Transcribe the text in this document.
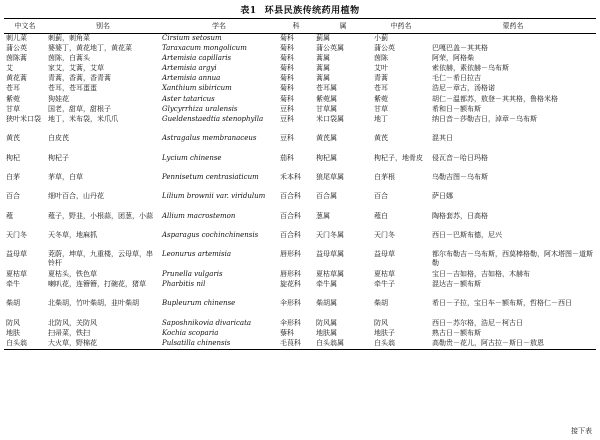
表1 环县民族传统药用植物
中文名	别名	学名	科	属	中药名	蒙药名
刺儿菜	刺蓟，刺角菜	Cirsium setosum	菊科	蓟属	小蓟	
蒲公英	婆婆丁，黄花地丁，黄花菜	Taraxacum mongolicum	菊科	蒲公英属	蒲公英	巴嘎巴盖－其其格
茵陈蒿	茵陈，白蒿头	Artemisia capillaris	菊科	蒿属	茵陈	阿荣，阿格柴
艾	家艾，艾蒿，艾草	Artemisia argyi	菊科	蒿属	艾叶	索依赫，素依赫－乌布斯
黄花蒿	青蒿，香蒿，香青蒿	Artemisia annua	菊科	蒿属	青蒿	毛仁－希日拉吉
苍耳	苍耳，苍耳蛋蛋	Xanthium sibiricum	菊科	苍耳属	苍耳	浩尼－章古，汤格诺
紫菀	狗娃花	Aster tataricus	菊科	紫菀属	紫菀	胡仁－温都苏，敖登－其其格，鲁格米格
甘草	国老，甜草，甜根子	Glycyrrhiza uralensis	豆科	甘草属	甘草	希和日－额布斯
狭叶米口袋	地丁，米布袋，米爪爪	Gueldenstaedtia stenophylla	豆科	米口袋属	地丁	纳日音－莎勒吉日，淖章－乌布斯
黄芪	白皮芪	Astragalus membranaceus	豆科	黄芪属	黄芪	混其日
枸杞	枸杞子	Lycium chinense	茄科	枸杞属	枸杞子，地骨皮	侵瓦音－哈日玛格
白茅	茅草，白草	Pennisetum centrasiaticum	禾本科	狼尾草属	白茅根	乌勒吉图－乌布斯
百合	细叶百合，山丹花	Lilium brownii var. viridulum	百合科	百合属	百合	萨日娜
薤	薤子，野韭，小根蒜，团葱，小蒜	Allium macrostemon	百合科	葱属	薤白	陶格套苏，日高格
天门冬	天冬草，地麻抓	Asparagus cochinchinensis	百合科	天门冬属	天门冬	西日－巴斯布德，尼兴
益母草	茺蔚，坤草，九重楼，云母草，串铃杆	Leonurus artemisia	唇形科	益母草属	益母草	都尔布勒吉－乌布斯，西莫棒格勒，阿木塔图－道斯勒
夏枯草	夏枯头，铁色草	Prunella vulgaris	唇形科	夏枯草属	夏枯草	宝日－吉如格，吉如格，木赫布
牵牛	喇叭花，连簪簪，打碗花，猪草	Pharbitis nil	旋花科	牵牛属	牵牛子	混达吉－额布斯
柴胡	北柴胡，竹叶柴胡，韭叶柴胡	Bupleurum chinense	伞形科	柴胡属	柴胡	希日－子拉，宝日车－额布斯，哲格仁－西日
防风	北防风，关防风	Saposhnikovia divaricata	伞形科	防风属	防风	西日－苏尔格，浩尼－柯古日
地肤	扫帚菜，铁扫	Kochia scoparia	藜科	地肤属	地肤子	熟古日－额布斯
白头翁	大火草，野棉花	Pulsatilla chinensis	毛茛科	白头翁属	白头翁	高勒贵－花儿，阿古拉－斯日－敖恩
接下表
